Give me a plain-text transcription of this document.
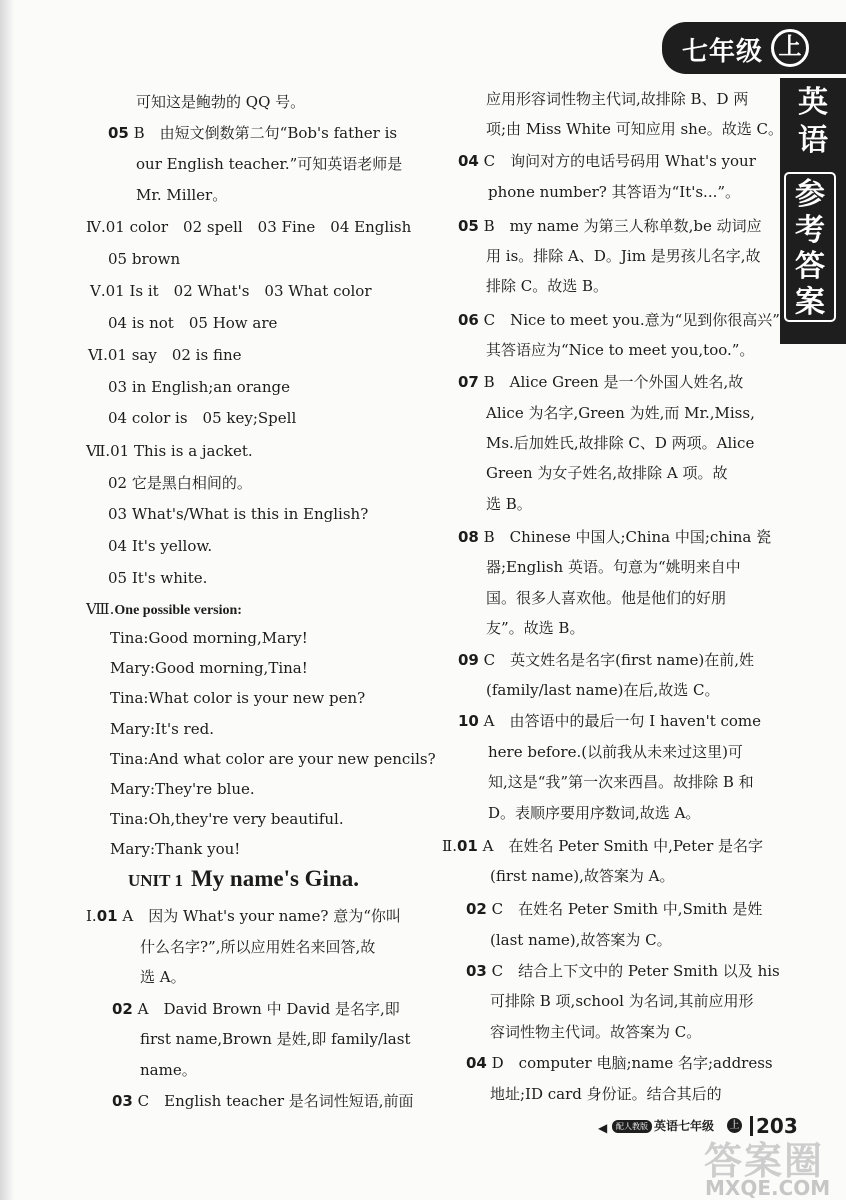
七年级 上
英语
参考答案
可知这是鲍勃的 QQ 号。
05 B　由短文倒数第二句“Bob's father is
our English teacher.”可知英语老师是
Mr. Miller。
Ⅳ.01 color　02 spell　03 Fine　04 English
05 brown
Ⅴ.01 Is it　02 What's　03 What color
04 is not　05 How are
Ⅵ.01 say　02 is fine
03 in English;an orange
04 color is　05 key;Spell
Ⅶ.01 This is a jacket.
02 它是黑白相间的。
03 What's/What is this in English?
04 It's yellow.
05 It's white.
Ⅷ.One possible version:
Tina:Good morning,Mary!
Mary:Good morning,Tina!
Tina:What color is your new pen?
Mary:It's red.
Tina:And what color are your new pencils?
Mary:They're blue.
Tina:Oh,they're very beautiful.
Mary:Thank you!
UNIT 1 My name's Gina.
Ⅰ.01 A　因为 What's your name? 意为“你叫
什么名字?”,所以应用姓名来回答,故
选 A。
02 A　David Brown 中 David 是名字,即
first name,Brown 是姓,即 family/last
name。
03 C　English teacher 是名词性短语,前面
应用形容词性物主代词,故排除 B、D 两
项;由 Miss White 可知应用 she。故选 C。
04 C　询问对方的电话号码用 What's your
phone number? 其答语为“It's...”。
05 B　my name 为第三人称单数,be 动词应
用 is。排除 A、D。Jim 是男孩儿名字,故
排除 C。故选 B。
06 C　Nice to meet you.意为“见到你很高兴”,
其答语应为“Nice to meet you,too.”。
07 B　Alice Green 是一个外国人姓名,故
Alice 为名字,Green 为姓,而 Mr.,Miss,
Ms.后加姓氏,故排除 C、D 两项。Alice
Green 为女子姓名,故排除 A 项。故
选 B。
08 B　Chinese 中国人;China 中国;china 瓷
器;English 英语。句意为“姚明来自中
国。很多人喜欢他。他是他们的好朋
友”。故选 B。
09 C　英文姓名是名字(first name)在前,姓
(family/last name)在后,故选 C。
10 A　由答语中的最后一句 I haven't come
here before.(以前我从未来过这里)可
知,这是“我”第一次来西昌。故排除 B 和
D。表顺序要用序数词,故选 A。
Ⅱ.01 A　在姓名 Peter Smith 中,Peter 是名字
(first name),故答案为 A。
02 C　在姓名 Peter Smith 中,Smith 是姓
(last name),故答案为 C。
03 C　结合上下文中的 Peter Smith 以及 his
可排除 B 项,school 为名词,其前应用形
容词性物主代词。故答案为 C。
04 D　computer 电脑;name 名字;address
地址;ID card 身份证。结合其后的
◀	配人教版 英语七年级 上 203
答案圈
MXQE.COM
